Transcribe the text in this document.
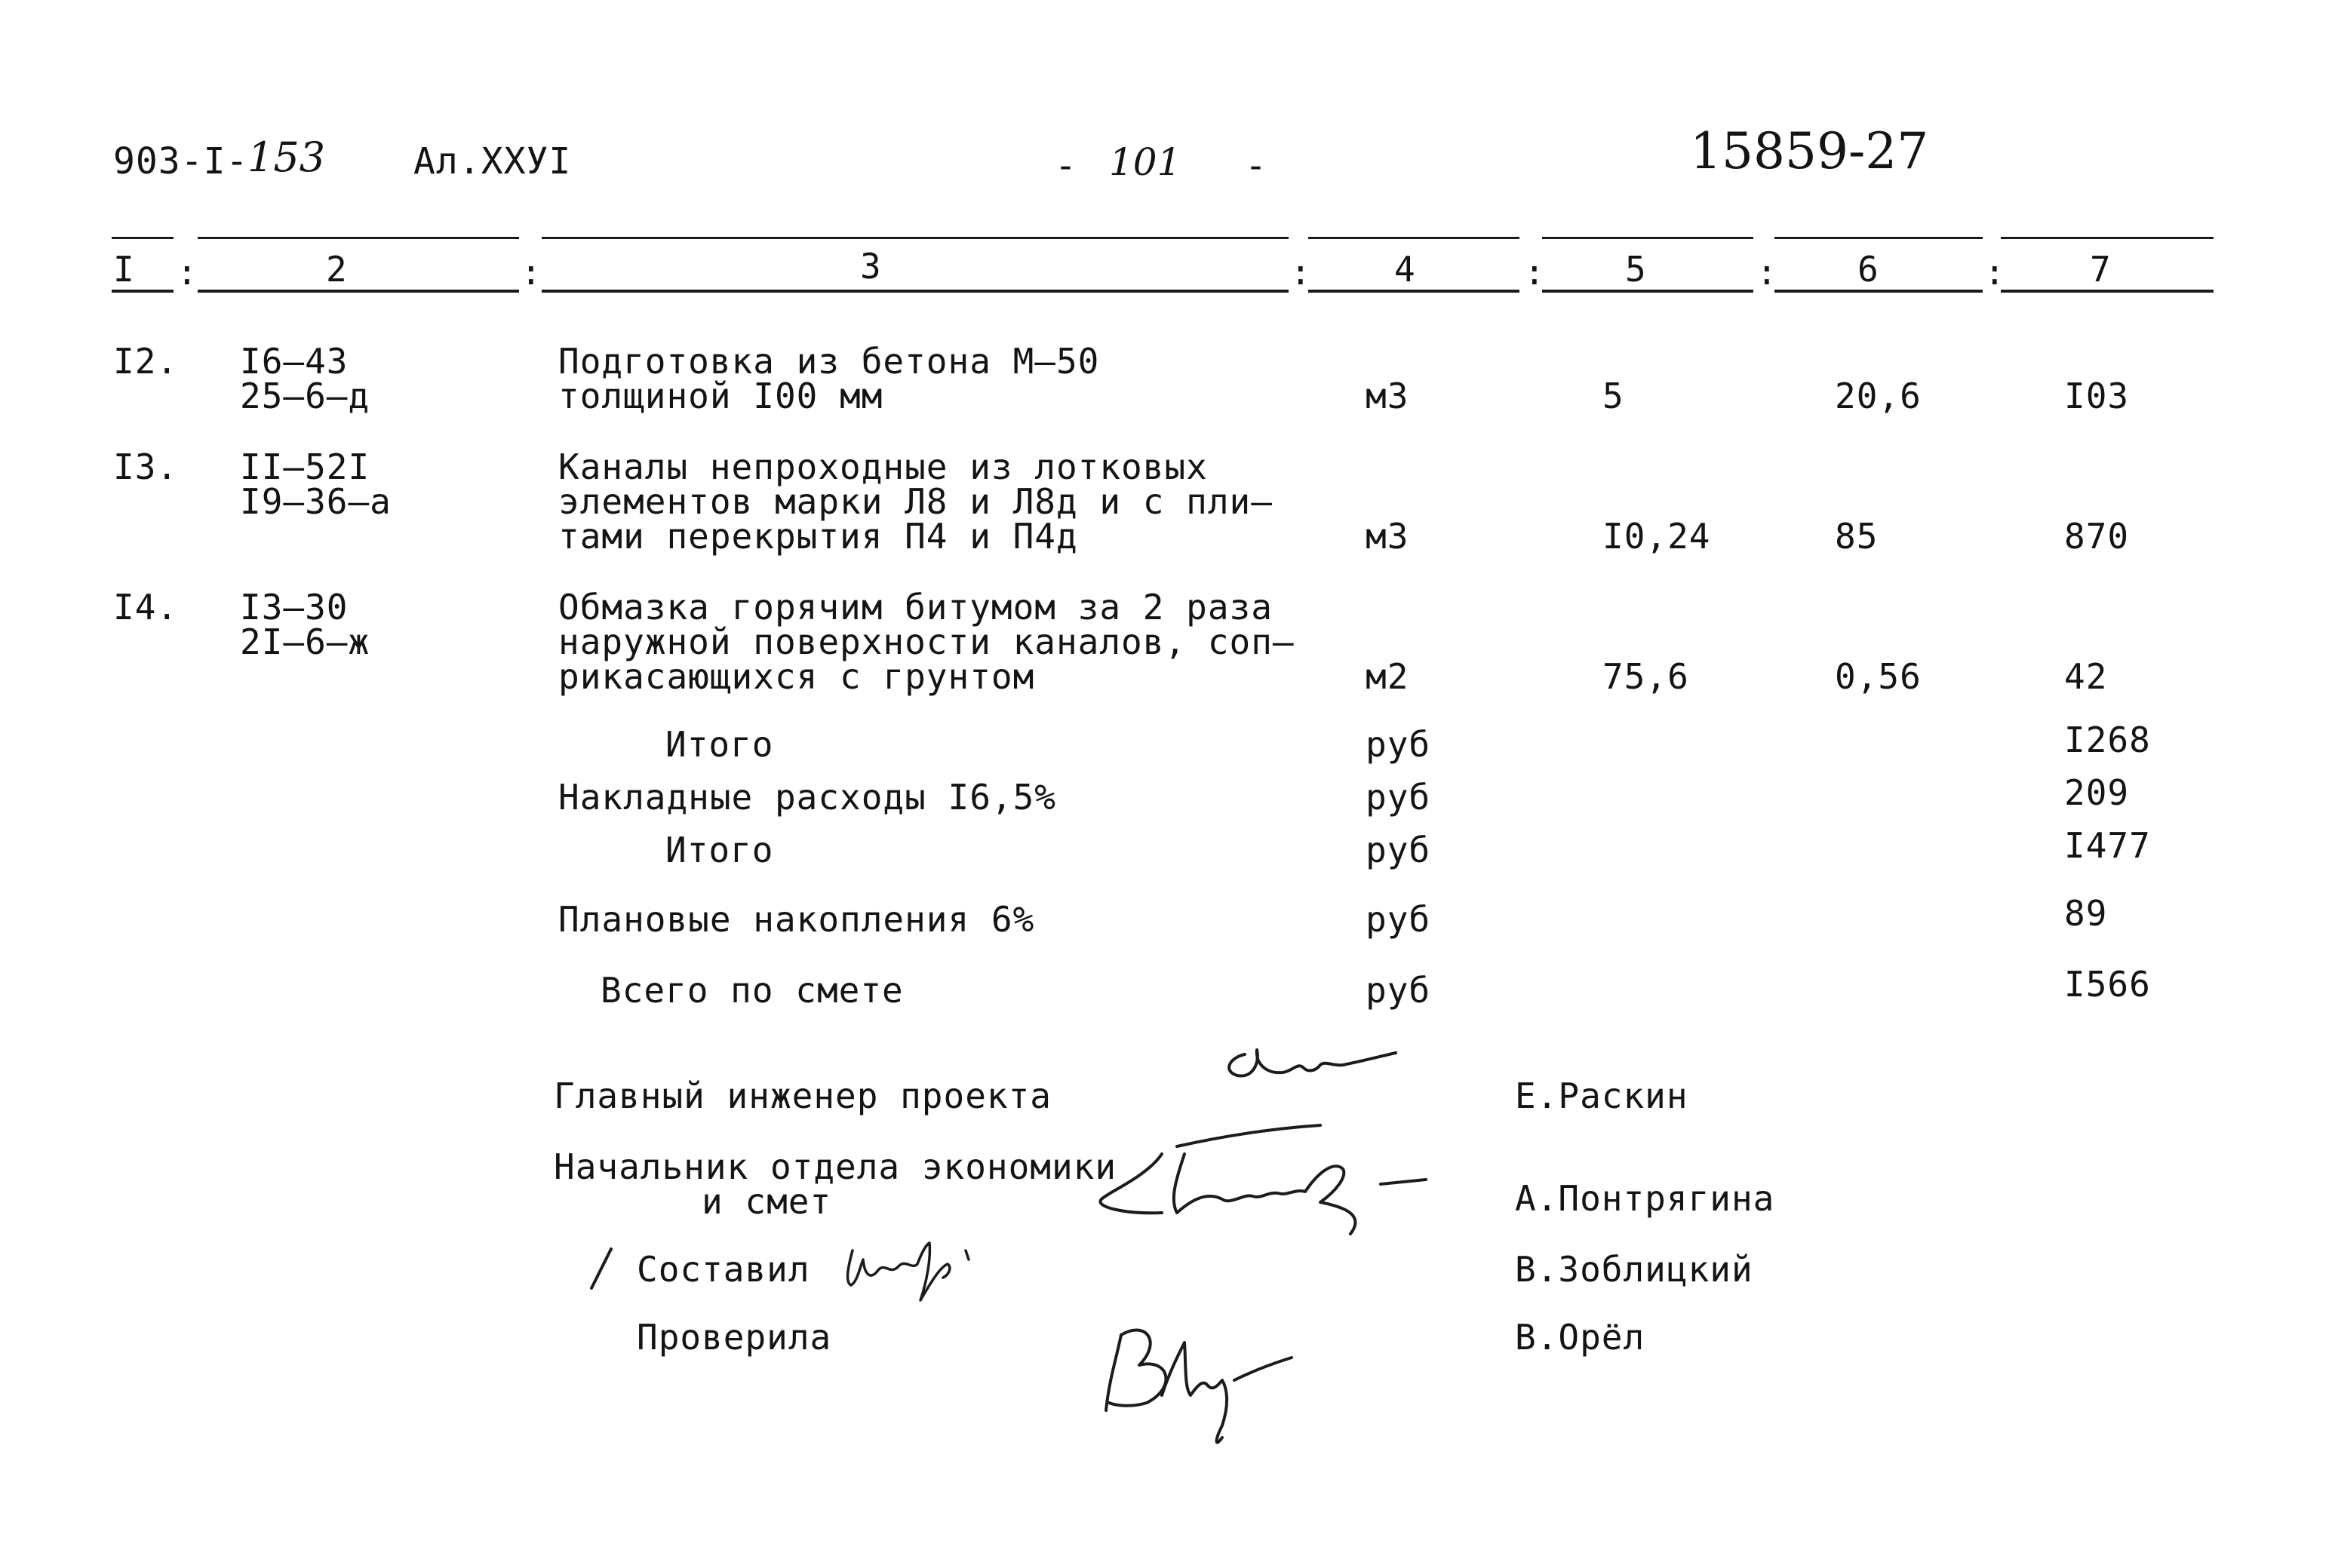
903-I-
153 Ал.XXУI	- 101 -	15859-27
:	:	:	:	:	:
I	2	3	4	5	6	7
I2. I6–43
25–6–д
Подготовка из бетона М–50
толщиной I00 мм	м3	5	20,6	I03
I3. II–52I
I9–36–а
Каналы непроходные из лотковых
элементов марки Л8 и Л8д и с пли–
тами перекрытия П4 и П4д	м3	I0,24	85	870
I4. I3–30
2I–6–ж
Обмазка горячим битумом за 2 раза
наружной поверхности каналов, соп–
рикасающихся с грунтом	м2	75,6	0,56	42
Итого	руб	I268
Накладные расходы I6,5%	руб	209
Итого	руб	I477
Плановые накопления 6%	руб	89
Всего по смете	руб	I566
Главный инженер проекта	Е.Раскин
Начальник отдела экономики
и смет	А.Понтрягина
Составил	В.Зоблицкий
Проверила	В.Орёл
